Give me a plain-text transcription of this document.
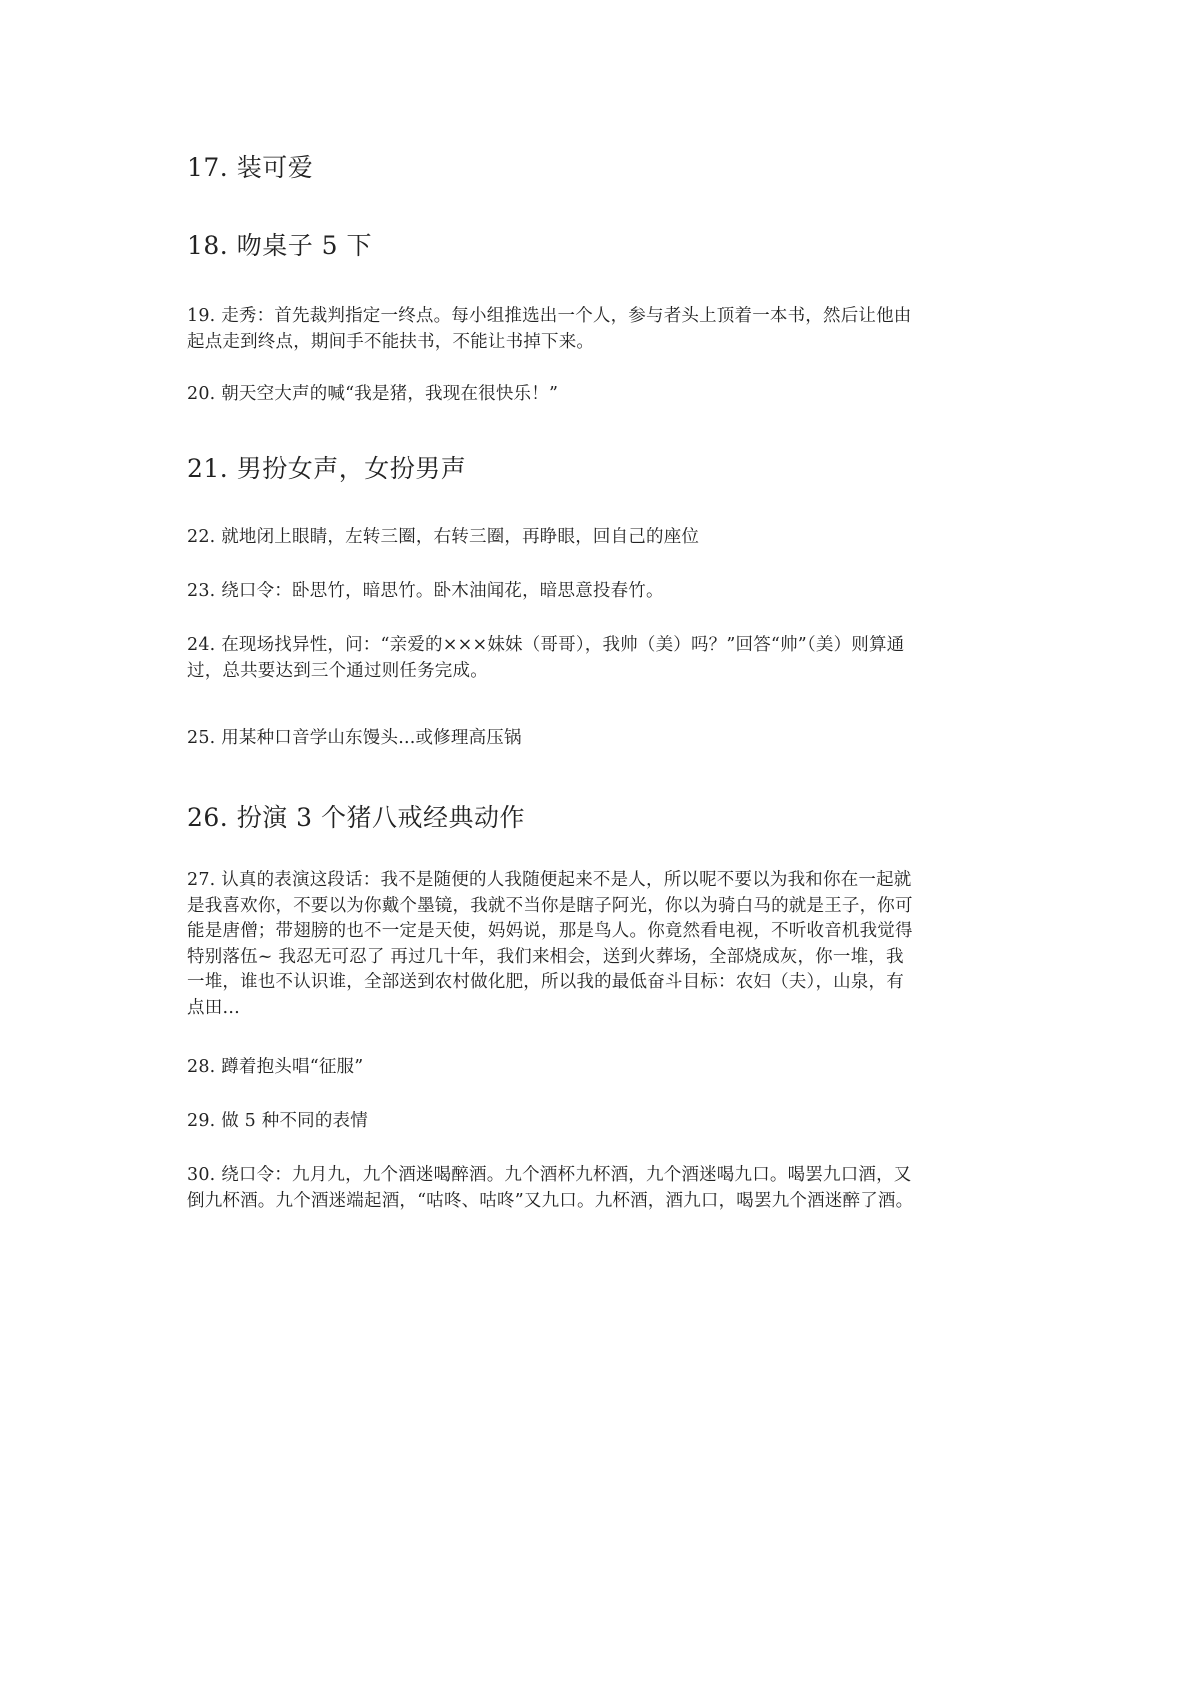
17. 装可爱

18. 吻桌子 5 下

19. 走秀：首先裁判指定一终点。每小组推选出一个人，参与者头上顶着一本书，然后让他由起点走到终点，期间手不能扶书，不能让书掉下来。

20. 朝天空大声的喊“我是猪，我现在很快乐！”

21. 男扮女声，女扮男声

22. 就地闭上眼睛，左转三圈，右转三圈，再睁眼，回自己的座位

23. 绕口令：卧思竹，暗思竹。卧木油闻花，暗思意投春竹。

24. 在现场找异性，问：“亲爱的×××妹妹（哥哥），我帅（美）吗？”回答“帅”（美）则算通过，总共要达到三个通过则任务完成。

25. 用某种口音学山东馒头...或修理高压锅

26. 扮演 3 个猪八戒经典动作

27. 认真的表演这段话：我不是随便的人我随便起来不是人，所以呢不要以为我和你在一起就是我喜欢你，不要以为你戴个墨镜，我就不当你是瞎子阿光，你以为骑白马的就是王子，你可能是唐僧；带翅膀的也不一定是天使，妈妈说，那是鸟人。你竟然看电视，不听收音机我觉得特别落伍~ 我忍无可忍了 再过几十年，我们来相会，送到火葬场，全部烧成灰，你一堆，我一堆，谁也不认识谁，全部送到农村做化肥，所以我的最低奋斗目标：农妇（夫），山泉，有点田…

28. 蹲着抱头唱“征服”

29. 做 5 种不同的表情

30. 绕口令：九月九，九个酒迷喝醉酒。九个酒杯九杯酒，九个酒迷喝九口。喝罢九口酒，又倒九杯酒。九个酒迷端起酒，“咕咚、咕咚”又九口。九杯酒，酒九口，喝罢九个酒迷醉了酒。
